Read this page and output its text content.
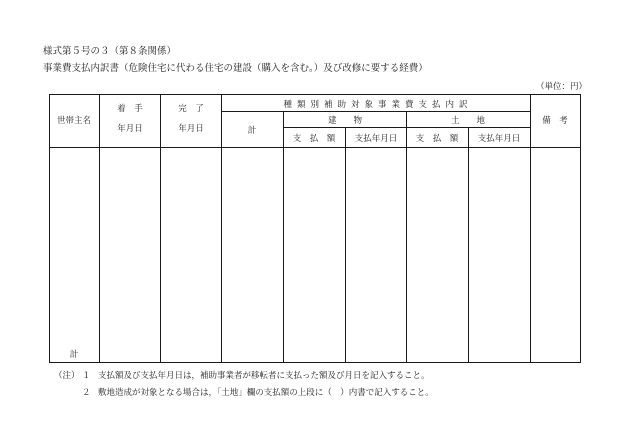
様式第５号の３（第８条関係）
事業費支払内訳書（危険住宅に代わる住宅の建設（購入を含む。）及び改修に要する経費）
（単位：円）
世帯主名
着　手
年月日
完　了
年月日
種類別補助対象事業費支払内訳
計
建　　物	土　　地
支　払　額 支払年月日 支　払　額 支払年月日
備　考
計
（注） １ 支払額及び支払年月日は，補助事業者が移転者に支払った額及び月日を記入すること。
２ 敷地造成が対象となる場合は，「土地」欄の支払額の上段に（　）内書で記入すること。
